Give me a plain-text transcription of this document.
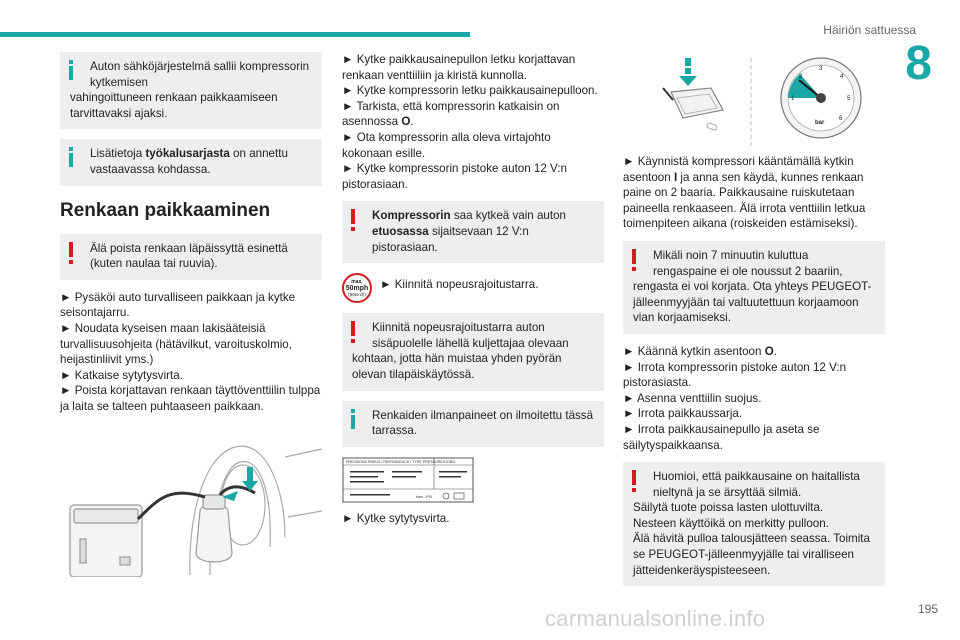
Häiriön sattuessa
8
195
carmanualsonline.info
Auton sähköjärjestelmä sallii kompressorin kytkemisen
vahingoittuneen renkaan paikkaamiseen tarvittavaksi ajaksi.
Lisätietoja työkalusarjasta on annettu vastaavassa kohdassa.
Renkaan paikkaaminen
Älä poista renkaan läpäissyttä esinettä (kuten naulaa tai ruuvia).

► Pysäköi auto turvalliseen paikkaan ja kytke seisontajarru.

► Noudata kyseisen maan lakisääteisiä turvallisuusohjeita (hätävilkut, varoituskolmio, heijastinliivit yms.)

► Katkaise sytytysvirta.

► Poista korjattavan renkaan täyttöventtiilin tulppa ja laita se talteen puhtaaseen paikkaan.

► Kytke paikkausainepullon letku korjattavan renkaan venttiiliin ja kiristä kunnolla.

► Kytke kompressorin letku paikkausainepulloon.

► Tarkista, että kompressorin katkaisin on asennossa O.

► Ota kompressorin alla oleva virtajohto kokonaan esille.

► Kytke kompressorin pistoke auton 12 V:n pistorasiaan.

Kompressorin saa kytkeä vain auton etuosassa sijaitsevaan 12 V:n pistorasiaan.
max.
50mph
(80km/h)

► Kiinnitä nopeusrajoitustarra.

Kiinnitä nopeusrajoitustarra auton sisäpuolelle lähellä kuljettajaa olevaan
kohtaan, jotta hän muistaa yhden pyörän olevan tilapäiskäytössä.
Renkaiden ilmanpaineet on ilmoitettu tässä tarrassa.
PRESSIONS PNEUS / REIFENDRUCK / TYRE PRESSURES JOBG
bars - PSI

► Kytke sytytysvirta.

1
2
3
4
5
6
bar

► Käynnistä kompressori kääntämällä kytkin asentoon I ja anna sen käydä, kunnes renkaan paine on 2 baaria. Paikkausaine ruiskutetaan paineella renkaaseen. Älä irrota venttiilin letkua toimenpiteen aikana (roiskeiden estämiseksi).

Mikäli noin 7 minuutin kuluttua rengaspaine ei ole noussut 2 baariin,
rengasta ei voi korjata. Ota yhteys PEUGEOT-jälleenmyyjään tai valtuutettuun korjaamoon vian korjaamiseksi.

► Käännä kytkin asentoon O.

► Irrota kompressorin pistoke auton 12 V:n pistorasiasta.

► Asenna venttiilin suojus.

► Irrota paikkaussarja.

► Irrota paikkausainepullo ja aseta se säilytyspaikkaansa.

Huomioi, että paikkausaine on haitallista nieltynä ja se ärsyttää silmiä.
Säilytä tuote poissa lasten ulottuvilta.
Nesteen käyttöikä on merkitty pulloon.
Älä hävitä pulloa talousjätteen seassa. Toimita se PEUGEOT-jälleenmyyjälle tai viralliseen jätteidenkeräyspisteeseen.
